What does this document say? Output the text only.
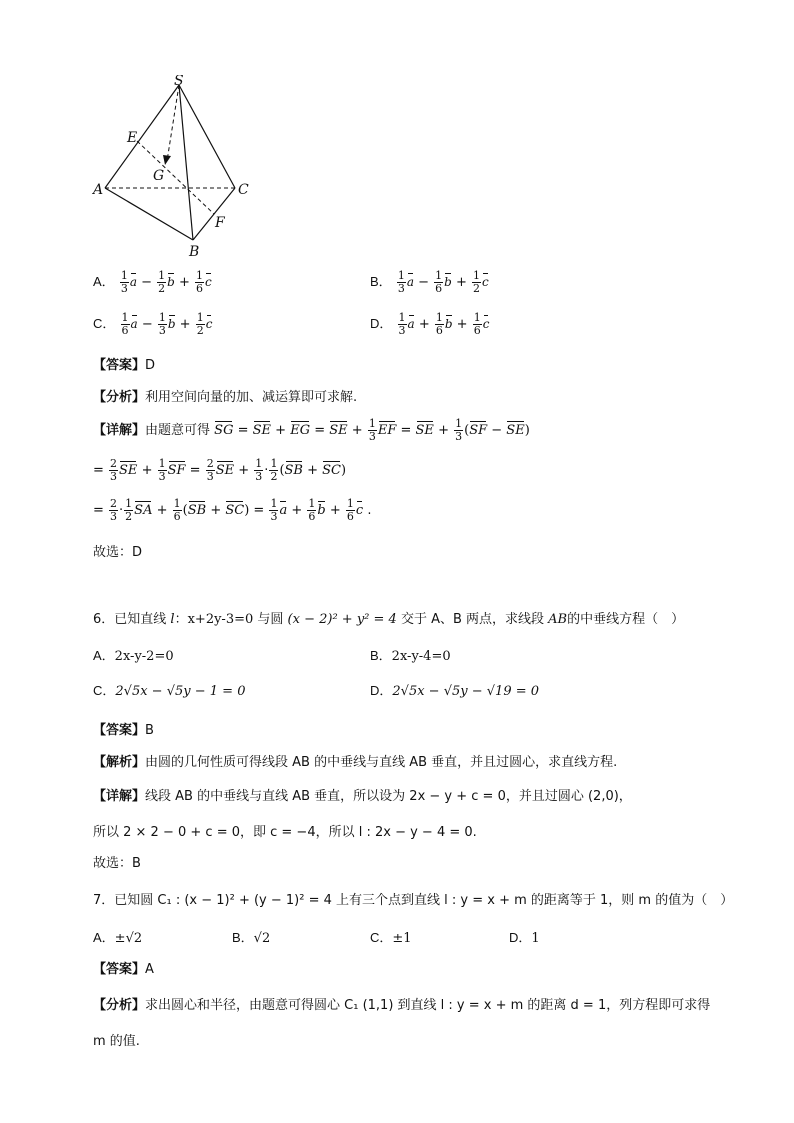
S
E
G
A	C
F
B
A． $\frac{1}{3}$ $a - \frac{1}{2}$ $b + \frac{1}{6}$ c	B． $\frac{1}{3}$ $a - \frac{1}{6}$ $b + \frac{1}{2}$ c
C． $\frac{1}{6}$ $a - \frac{1}{3}$ $b + \frac{1}{2}$ c	D． $\frac{1}{3}$ $a + \frac{1}{6}$ $b + \frac{1}{6}$ c
【答案】D
【分析】利用空间向量的加、减运算即可求解.
【详解】由题意可得 SG = SE + EG = SE + $\frac{1}{3}$ EF = SE + $\frac{1}{3} (SF - SE)$
= $\frac{2}{3}$ SE + $\frac{1}{3}$ SF = $\frac{2}{3}$ SE + $\frac{1}{3} \cdot \frac{1}{2} (SB + SC)$
= $\frac{2}{3} \cdot \frac{1}{2}$ SA + $\frac{1}{6} (SB + SC) = \frac{1}{3}$ $a + \frac{1}{6}$ $b + \frac{1}{6}$ c .
故选：D
6．已知直线 l：x+2y-3=0 与圆 (x − 2)² + y² = 4 交于 A、B 两点，求线段 AB的中垂线方程（　）
A．2x-y-2=0	B．2x-y-4=0
C．2√5x − √5y − 1 = 0	D．2√5x − √5y − √19 = 0
【答案】B
【解析】由圆的几何性质可得线段 AB 的中垂线与直线 AB 垂直，并且过圆心，求直线方程.
【详解】线段 AB 的中垂线与直线 AB 垂直，所以设为 2x − y + c = 0，并且过圆心 (2,0)，
所以 2 × 2 − 0 + c = 0，即 c = −4，所以 l : 2x − y − 4 = 0.
故选：B
7．已知圆 C₁ : (x − 1)² + (y − 1)² = 4 上有三个点到直线 l : y = x + m 的距离等于 1，则 m 的值为（　）
A．±√2	B．√2	C．±1	D．1
【答案】A
【分析】求出圆心和半径，由题意可得圆心 C₁ (1,1) 到直线 l : y = x + m 的距离 d = 1，列方程即可求得
m 的值.
